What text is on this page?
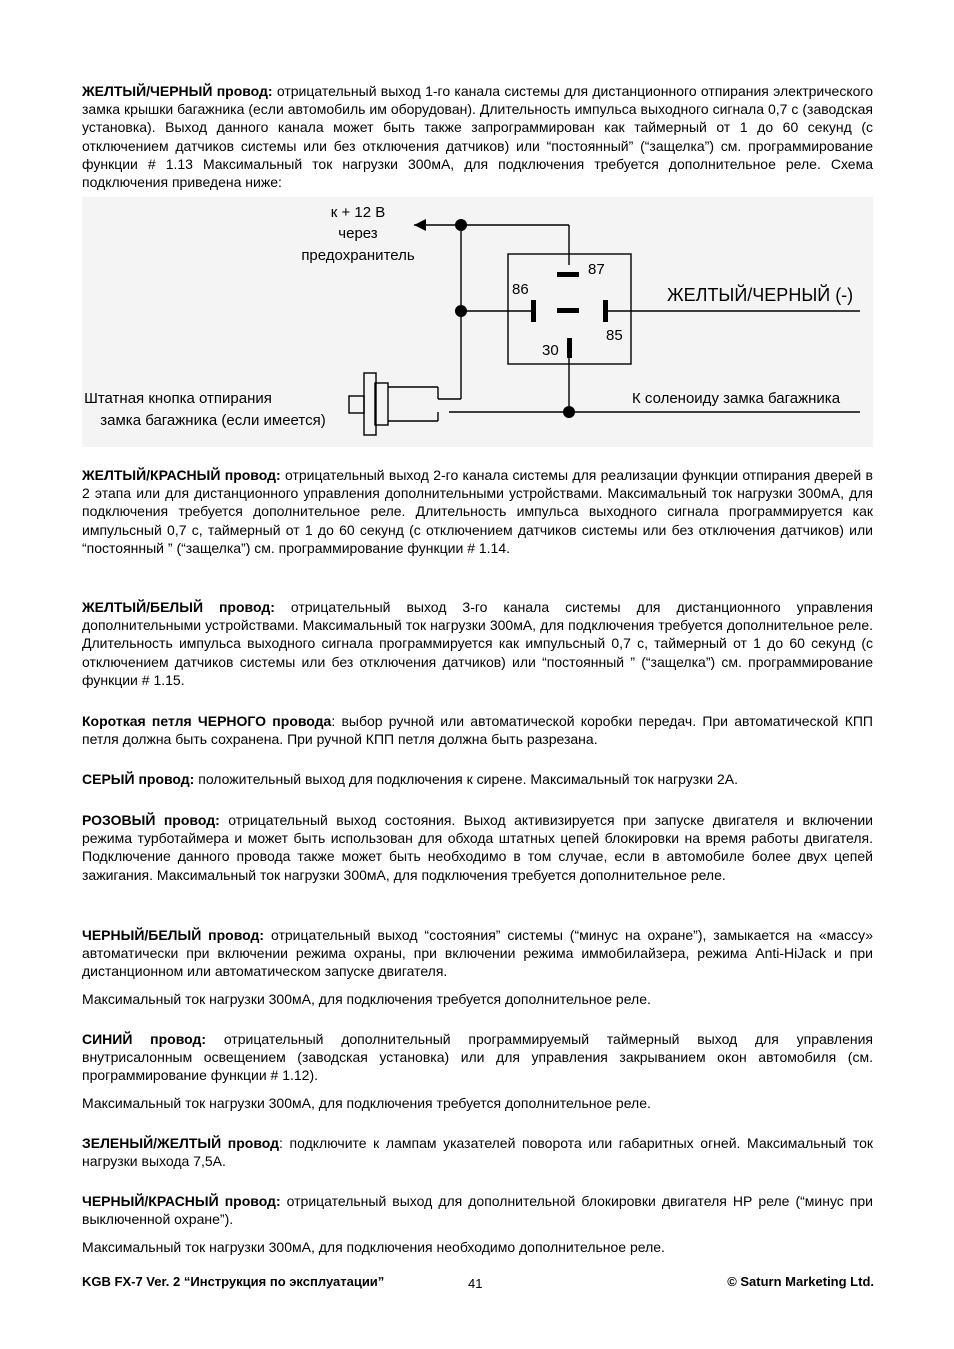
ЖЕЛТЫЙ/ЧЕРНЫЙ провод: отрицательный выход 1-го канала системы для дистанционного отпирания электрического замка крышки багажника (если автомобиль им оборудован). Длительность импульса выходного сигнала 0,7 с (заводская установка). Выход данного канала может быть также запрограммирован как таймерный от 1 до 60 секунд (с отключением датчиков системы или без отключения датчиков) или “постоянный” (“защелка”) см. программирование функции # 1.13 Максимальный ток нагрузки 300мА, для подключения требуется дополнительное реле. Схема подключения приведена ниже:

к + 12 В
через
предохранитель
87
86
85
30
ЖЕЛТЫЙ/ЧЕРНЫЙ (-)
Штатная кнопка отпирания
замка багажника (если имеется)
К соленоиду замка багажника

ЖЕЛТЫЙ/КРАСНЫЙ провод: отрицательный выход 2-го канала системы для реализации функции отпирания дверей в 2 этапа или для дистанционного управления дополнительными устройствами. Максимальный ток нагрузки 300мА, для подключения требуется дополнительное реле. Длительность импульса выходного сигнала программируется как импульсный 0,7 с, таймерный от 1 до 60 секунд (с отключением датчиков системы или без отключения датчиков) или “постоянный ” (“защелка”) см. программирование функции # 1.14.

ЖЕЛТЫЙ/БЕЛЫЙ провод: отрицательный выход 3-го канала системы для дистанционного управления дополнительными устройствами. Максимальный ток нагрузки 300мА, для подключения требуется дополнительное реле. Длительность импульса выходного сигнала программируется как импульсный 0,7 с, таймерный от 1 до 60 секунд (с отключением датчиков системы или без отключения датчиков) или “постоянный ” (“защелка”) см. программирование функции # 1.15.

Короткая петля ЧЕРНОГО провода: выбор ручной или автоматической коробки передач. При автоматической КПП петля должна быть сохранена. При ручной КПП петля должна быть разрезана.

СЕРЫЙ провод: положительный выход для подключения к сирене. Максимальный ток нагрузки 2А.

РОЗОВЫЙ провод: отрицательный выход состояния. Выход активизируется при запуске двигателя и включении режима турботаймера и может быть использован для обхода штатных цепей блокировки на время работы двигателя. Подключение данного провода также может быть необходимо в том случае, если в автомобиле более двух цепей зажигания. Максимальный ток нагрузки 300мА, для подключения требуется дополнительное реле.

ЧЕРНЫЙ/БЕЛЫЙ провод: отрицательный выход “состояния” системы (“минус на охране”), замыкается на «массу» автоматически при включении режима охраны, при включении режима иммобилайзера, режима Anti-HiJack и при дистанционном или автоматическом запуске двигателя.

Максимальный ток нагрузки 300мА, для подключения требуется дополнительное реле.

СИНИЙ провод: отрицательный дополнительный программируемый таймерный выход для управления внутрисалонным освещением (заводская установка) или для управления закрыванием окон автомобиля (см. программирование функции # 1.12).

Максимальный ток нагрузки 300мА, для подключения требуется дополнительное реле.

ЗЕЛЕНЫЙ/ЖЕЛТЫЙ провод: подключите к лампам указателей поворота или габаритных огней. Максимальный ток нагрузки выхода 7,5А.

ЧЕРНЫЙ/КРАСНЫЙ провод: отрицательный выход для дополнительной блокировки двигателя НР реле (“минус при выключенной охране”).

Максимальный ток нагрузки 300мА, для подключения необходимо дополнительное реле.

KGB FX-7 Ver. 2 “Инструкция по эксплуатации”	41	© Saturn Marketing Ltd.
